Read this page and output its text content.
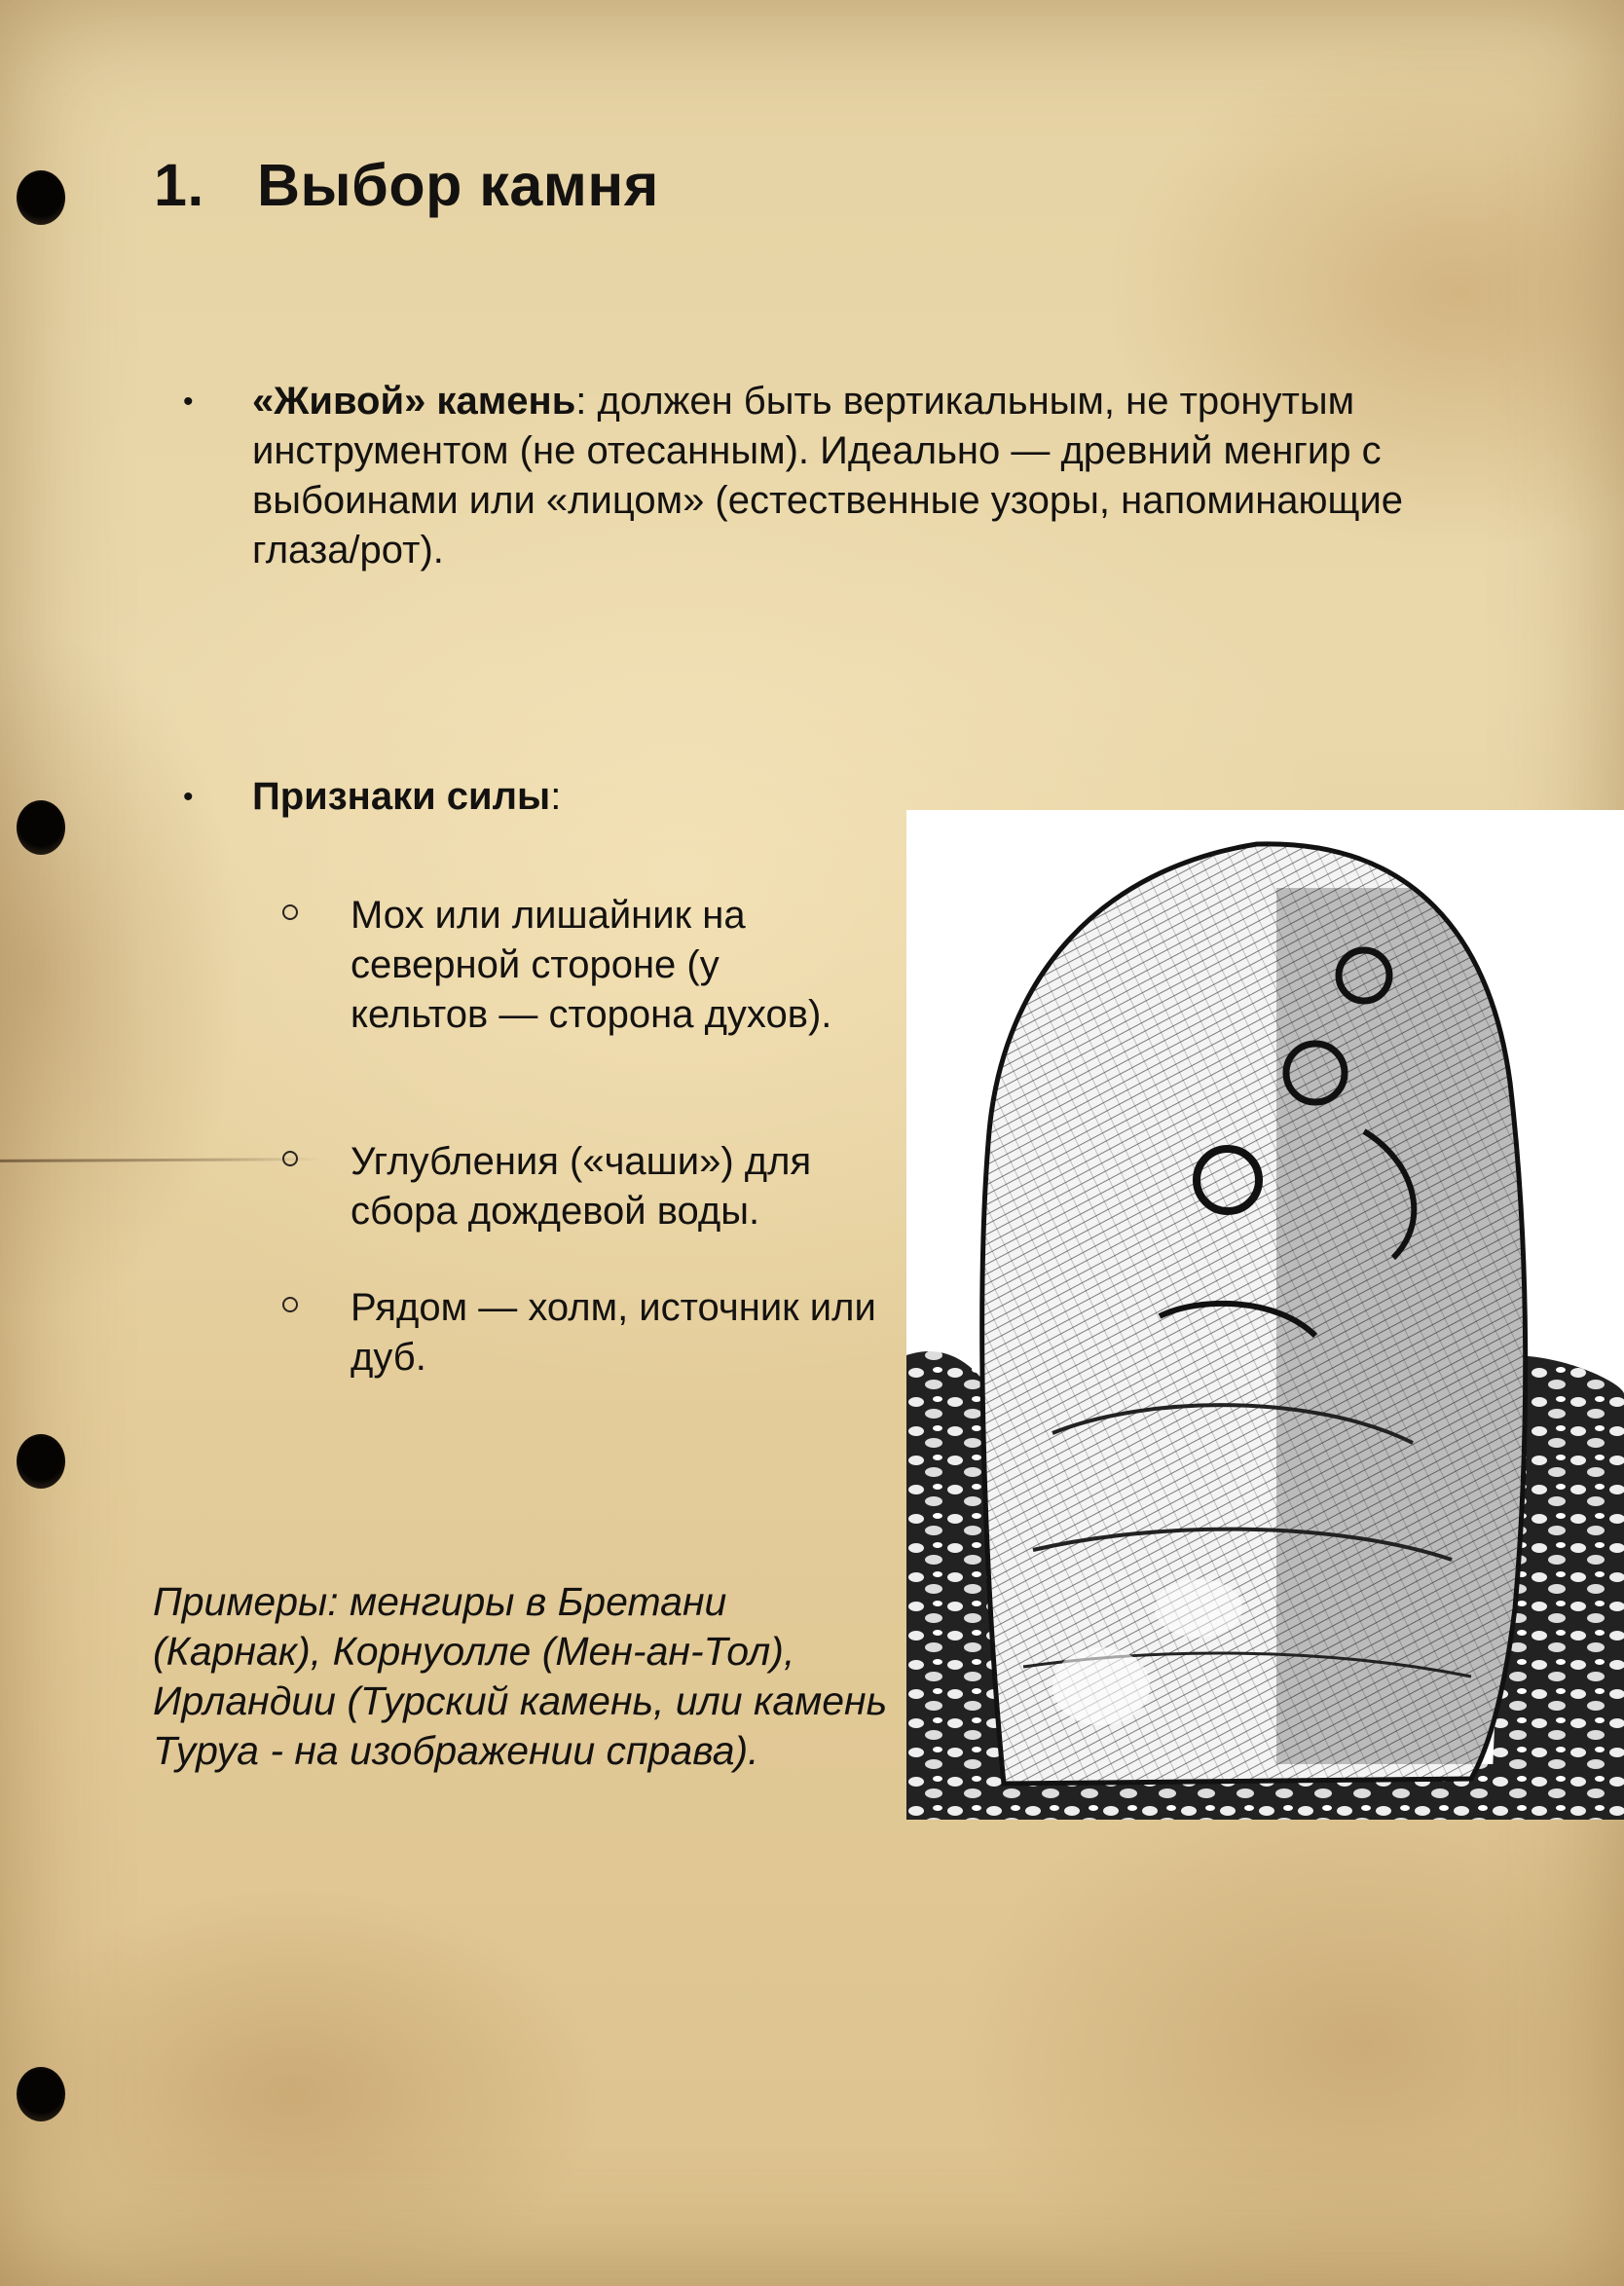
1. Выбор камня
• «Живой» камень: должен быть вертикальным, не тронутым инструментом (не отесанным). Идеально — древний менгир с выбоинами или «лицом» (естественные узоры, напоминающие глаза/рот).
• Признаки силы:
Мох или лишайник на северной стороне (у кельтов — сторона духов).
Углубления («чаши») для сбора дождевой воды.
Рядом — холм, источник или дуб.
Примеры: менгиры в Бретани (Карнак), Корнуолле (Мен-ан-Тол), Ирландии (Турский камень, или камень Туруа - на изображении справа).
